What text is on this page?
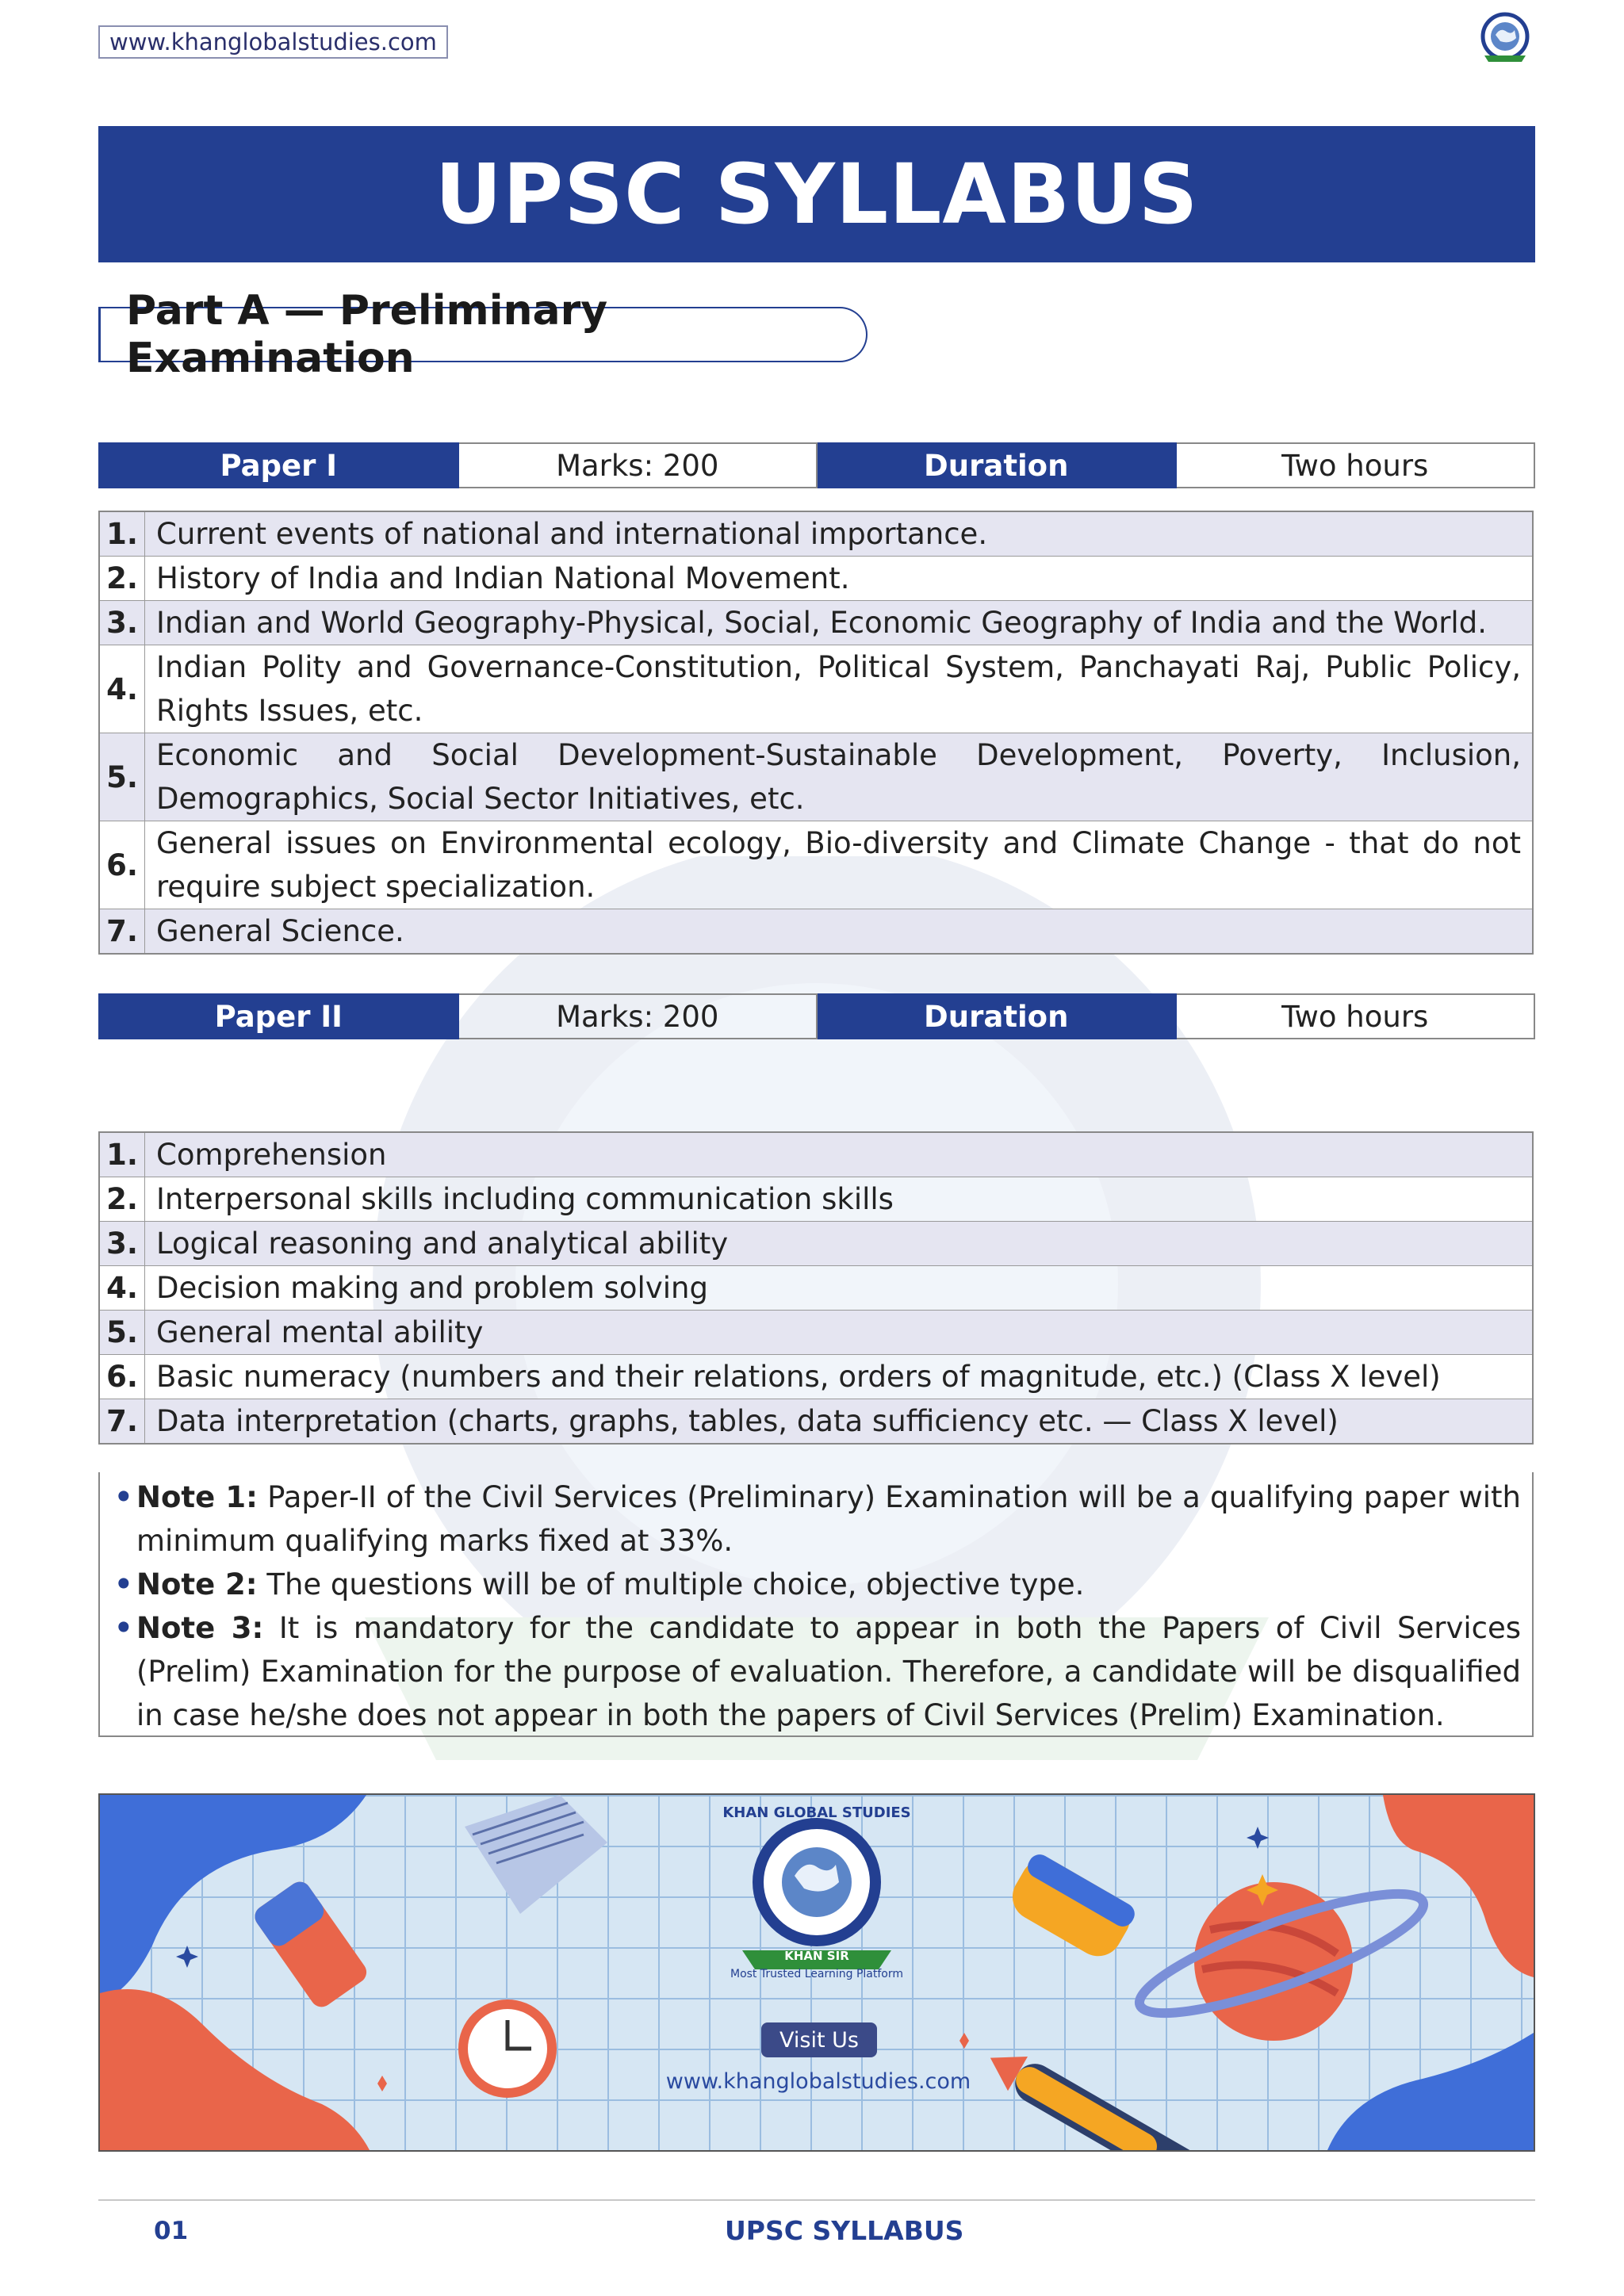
www.khanglobalstudies.com
UPSC SYLLABUS
Part A — Preliminary Examination
Paper I	Marks: 200	Duration	Two hours
1.	Current events of national and international importance.
2.	History of India and Indian National Movement.
3.	Indian and World Geography-Physical, Social, Economic Geography of India and the World.
4.	Indian Polity and Governance-Constitution, Political System, Panchayati Raj, Public Policy, Rights Issues, etc.
5.	Economic and Social Development-Sustainable Development, Poverty, Inclusion, Demographics, Social Sector Initiatives, etc.
6.	General issues on Environmental ecology, Bio-diversity and Climate Change - that do not require subject specialization.
7.	General Science.
Paper II	Marks: 200	Duration	Two hours
1.	Comprehension
2.	Interpersonal skills including communication skills
3.	Logical reasoning and analytical ability
4.	Decision making and problem solving
5.	General mental ability
6.	Basic numeracy (numbers and their relations, orders of magnitude, etc.) (Class X level)
7.	Data interpretation (charts, graphs, tables, data sufficiency etc. — Class X level)
• Note 1: Paper-II of the Civil Services (Preliminary) Examination will be a qualifying paper with minimum qualifying marks fixed at 33%.
• Note 2: The questions will be of multiple choice, objective type.
• Note 3: It is mandatory for the candidate to appear in both the Papers of Civil Services (Prelim) Examination for the purpose of evaluation. Therefore, a candidate will be disqualified in case he/she does not appear in both the papers of Civil Services (Prelim) Examination.
KHAN SIR
KHAN GLOBAL STUDIES
Most Trusted Learning Platform
Visit Us
www.khanglobalstudies.com
01	UPSC SYLLABUS
